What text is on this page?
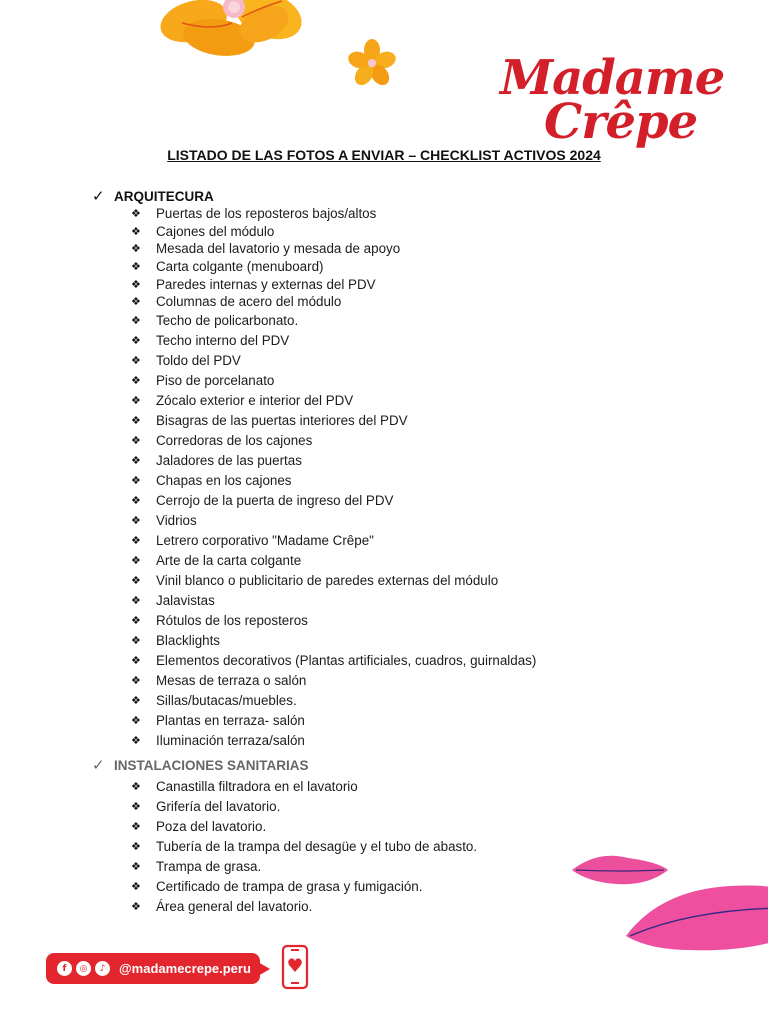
Madame
Crêpe
LISTADO DE LAS FOTOS A ENVIAR – CHECKLIST ACTIVOS 2024
✓ ARQUITECURA
❖	Puertas de los reposteros bajos/altos
❖	Cajones del módulo
❖	Mesada del lavatorio y mesada de apoyo
❖	Carta colgante (menuboard)
❖	Paredes internas y externas del PDV
❖	Columnas de acero del módulo
❖	Techo de policarbonato.
❖	Techo interno del PDV
❖	Toldo del PDV
❖	Piso de porcelanato
❖	Zócalo exterior e interior del PDV
❖	Bisagras de las puertas interiores del PDV
❖	Corredoras de los cajones
❖	Jaladores de las puertas
❖	Chapas en los cajones
❖	Cerrojo de la puerta de ingreso del PDV
❖	Vidrios
❖	Letrero corporativo "Madame Crêpe"
❖	Arte de la carta colgante
❖	Vinil blanco o publicitario de paredes externas del módulo
❖	Jalavistas
❖	Rótulos de los reposteros
❖	Blacklights
❖	Elementos decorativos (Plantas artificiales, cuadros, guirnaldas)
❖	Mesas de terraza o salón
❖	Sillas/butacas/muebles.
❖	Plantas en terraza- salón
❖	Iluminación terraza/salón
✓ INSTALACIONES SANITARIAS
❖	Canastilla filtradora en el lavatorio
❖	Grifería del lavatorio.
❖	Poza del lavatorio.
❖	Tubería de la trampa del desagüe y el tubo de abasto.
❖	Trampa de grasa.
❖	Certificado de trampa de grasa y fumigación.
❖	Área general del lavatorio.
f	◎	♪	@madamecrepe.peru
